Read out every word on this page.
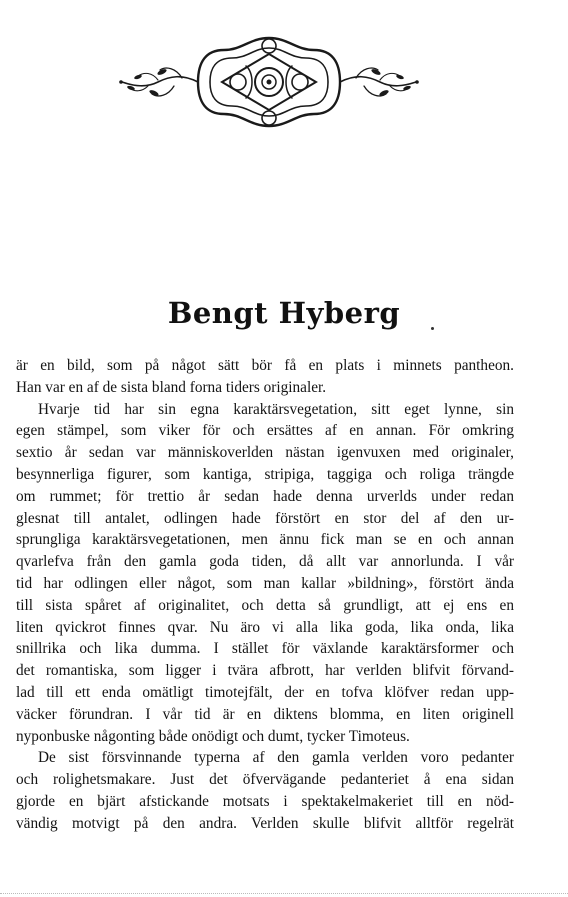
Bengt Hyberg
är en bild, som på något sätt bör få en plats i minnets pantheon.
Han var en af de sista bland forna tiders originaler.
Hvarje tid har sin egna karaktärsvegetation, sitt eget lynne, sin
egen stämpel, som viker för och ersättes af en annan. För omkring
sextio år sedan var människoverlden nästan igenvuxen med originaler,
besynnerliga figurer, som kantiga, stripiga, taggiga och roliga trängde
om rummet; för trettio år sedan hade denna urverlds under redan
glesnat till antalet, odlingen hade förstört en stor del af den ur-
sprungliga karaktärsvegetationen, men ännu fick man se en och annan
qvarlefva från den gamla goda tiden, då allt var annorlunda. I vår
tid har odlingen eller något, som man kallar »bildning», förstört ända
till sista spåret af originalitet, och detta så grundligt, att ej ens en
liten qvickrot finnes qvar. Nu äro vi alla lika goda, lika onda, lika
snillrika och lika dumma. I stället för växlande karaktärsformer och
det romantiska, som ligger i tvära afbrott, har verlden blifvit förvand-
lad till ett enda omätligt timotejfält, der en tofva klöfver redan upp-
väcker förundran. I vår tid är en diktens blomma, en liten originell
nyponbuske någonting både onödigt och dumt, tycker Timoteus.
De sist försvinnande typerna af den gamla verlden voro pedanter
och rolighetsmakare. Just det öfvervägande pedanteriet å ena sidan
gjorde en bjärt afstickande motsats i spektakelmakeriet till en nöd-
vändig motvigt på den andra. Verlden skulle blifvit alltför regelrät
